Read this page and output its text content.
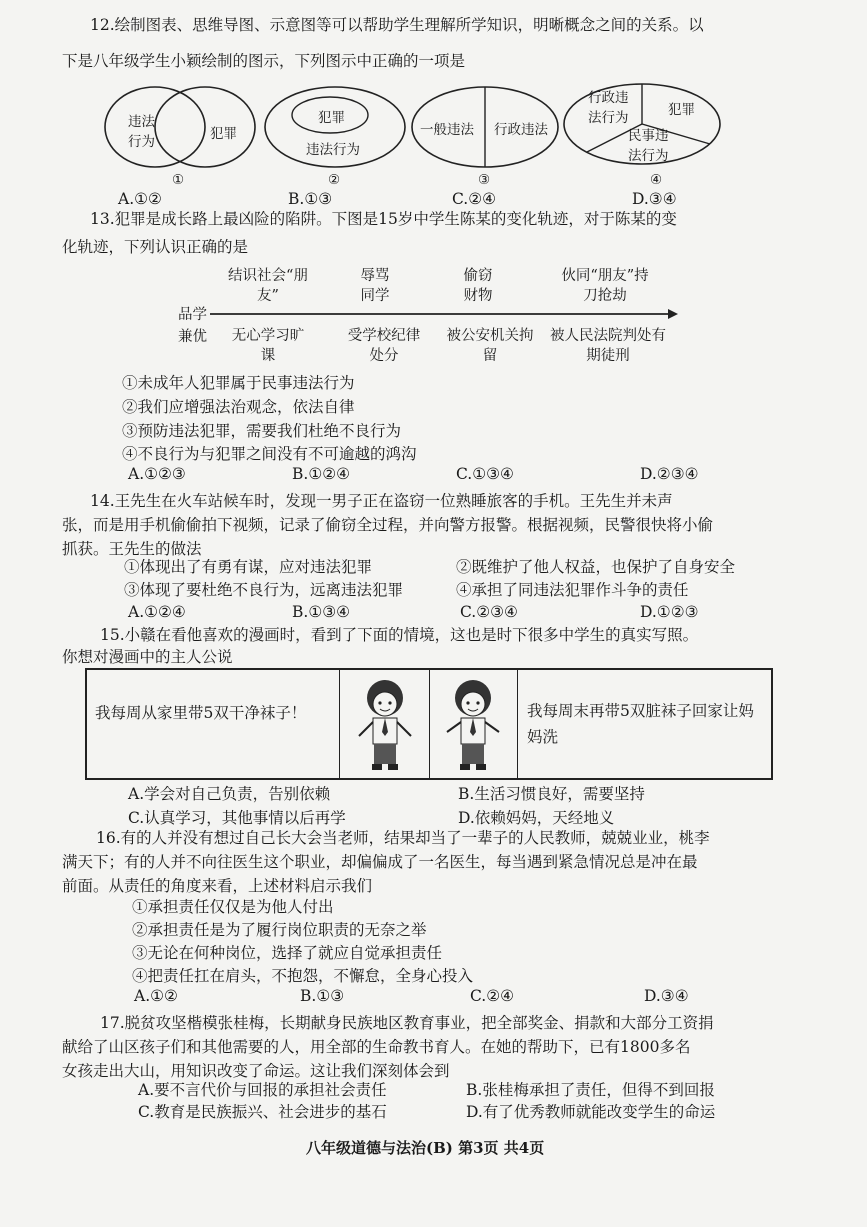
12.绘制图表、思维导图、示意图等可以帮助学生理解所学知识，明晰概念之间的关系。以
下是八年级学生小颖绘制的图示，下列图示中正确的一项是
违法行为	犯罪
①
犯罪
违法行为
②
一般违法 行政违法
③
行政违法行为	犯罪
民事违法行为
④
A.①②	B.①③	C.②④	D.③④
13.犯罪是成长路上最凶险的陷阱。下图是15岁中学生陈某的变化轨迹，对于陈某的变
化轨迹，下列认识正确的是
品学兼优
结识社会“朋友”
辱骂同学
偷窃财物
伙同“朋友”持刀抢劫
无心学习旷课
受学校纪律处分
被公安机关拘留
被人民法院判处有期徒刑
①未成年人犯罪属于民事违法行为
②我们应增强法治观念，依法自律
③预防违法犯罪，需要我们杜绝不良行为
④不良行为与犯罪之间没有不可逾越的鸿沟
A.①②③	B.①②④	C.①③④	D.②③④
14.王先生在火车站候车时，发现一男子正在盗窃一位熟睡旅客的手机。王先生并未声
张，而是用手机偷偷拍下视频，记录了偷窃全过程，并向警方报警。根据视频，民警很快将小偷
抓获。王先生的做法
①体现出了有勇有谋，应对违法犯罪	②既维护了他人权益，也保护了自身安全
③体现了要杜绝不良行为，远离违法犯罪	④承担了同违法犯罪作斗争的责任
A.①②④	B.①③④	C.②③④	D.①②③
15.小赣在看他喜欢的漫画时，看到了下面的情境，这也是时下很多中学生的真实写照。
你想对漫画中的主人公说
我每周从家里带5双干净袜子！	我每周末再带5双脏袜子回家让妈妈洗
A.学会对自己负责，告别依赖	B.生活习惯良好，需要坚持
C.认真学习，其他事情以后再学	D.依赖妈妈，天经地义
16.有的人并没有想过自己长大会当老师，结果却当了一辈子的人民教师，兢兢业业，桃李
满天下；有的人并不向往医生这个职业，却偏偏成了一名医生，每当遇到紧急情况总是冲在最
前面。从责任的角度来看，上述材料启示我们
①承担责任仅仅是为他人付出
②承担责任是为了履行岗位职责的无奈之举
③无论在何种岗位，选择了就应自觉承担责任
④把责任扛在肩头，不抱怨，不懈怠，全身心投入
A.①②	B.①③	C.②④	D.③④
17.脱贫攻坚楷模张桂梅，长期献身民族地区教育事业，把全部奖金、捐款和大部分工资捐
献给了山区孩子们和其他需要的人，用全部的生命教书育人。在她的帮助下，已有1800多名
女孩走出大山，用知识改变了命运。这让我们深刻体会到
A.要不言代价与回报的承担社会责任	B.张桂梅承担了责任，但得不到回报
C.教育是民族振兴、社会进步的基石	D.有了优秀教师就能改变学生的命运
八年级道德与法治(B) 第3页 共4页
